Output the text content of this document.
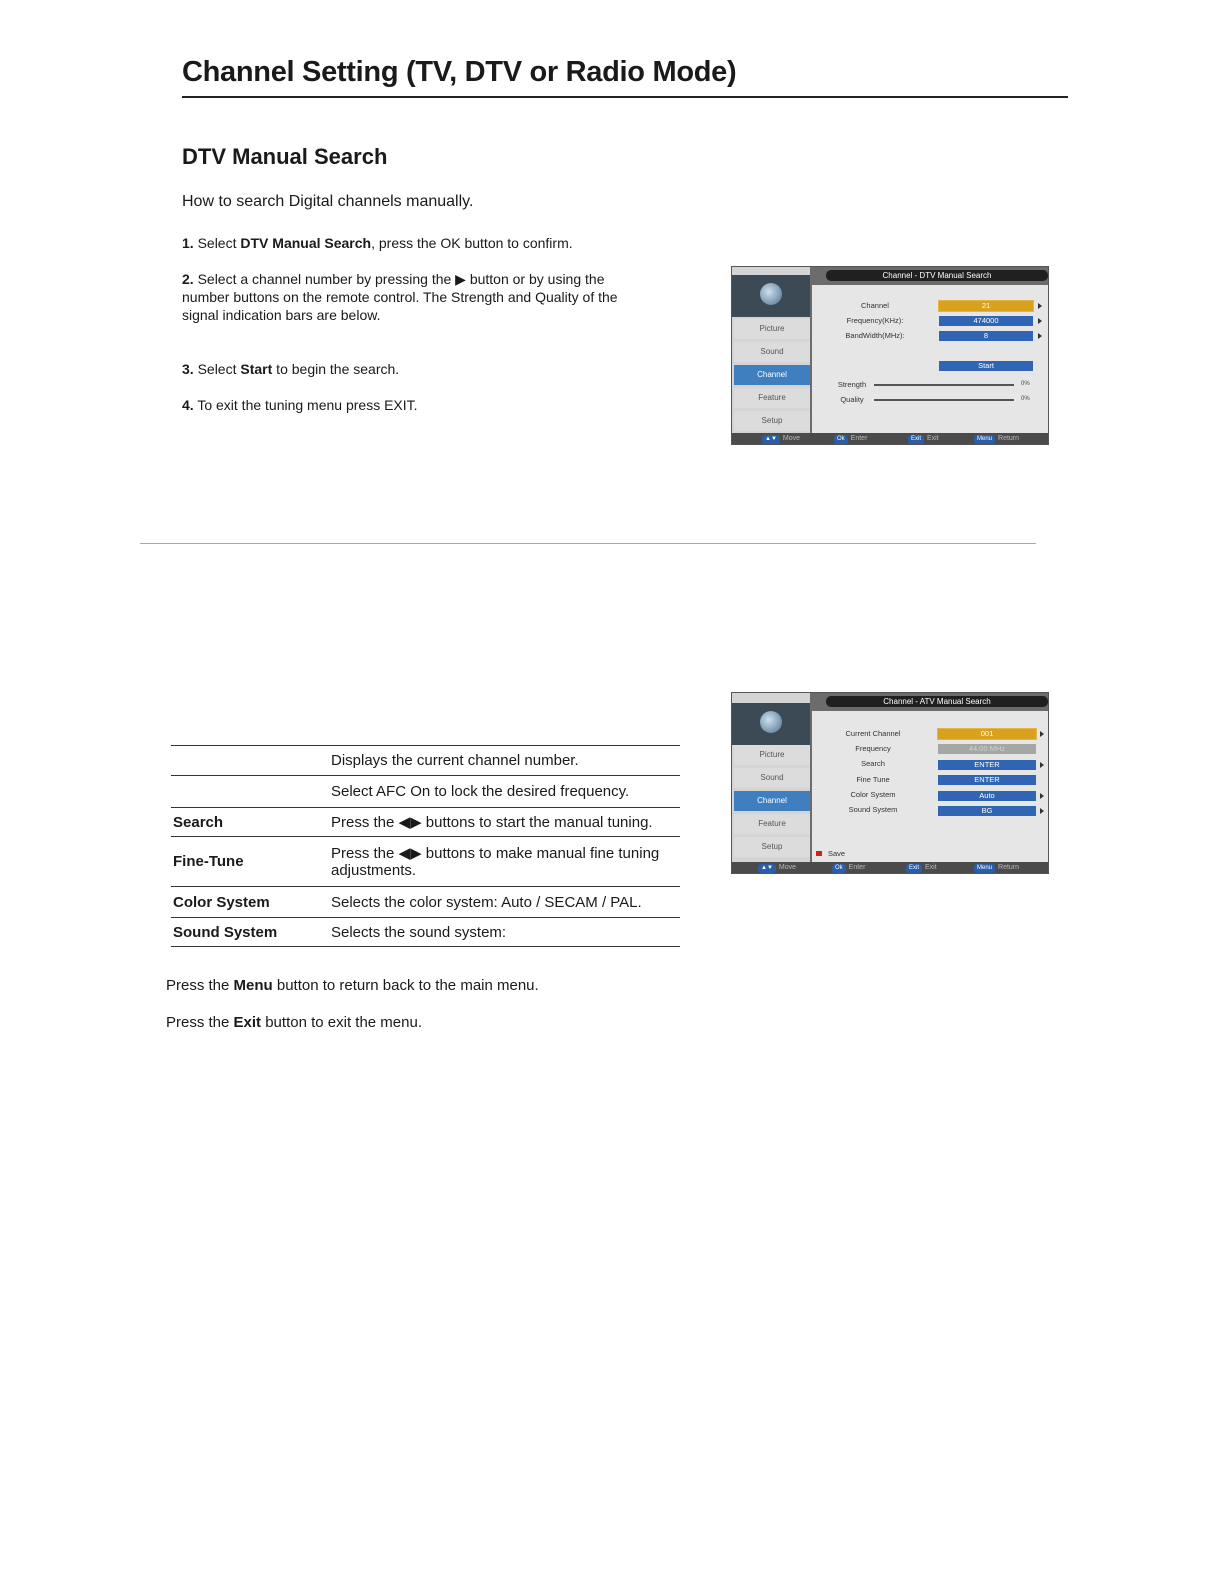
Channel Setting (TV, DTV or Radio Mode)
DTV Manual Search
How to search Digital channels manually.
1. Select DTV Manual Search, press the OK button to confirm.
2. Select a channel number by pressing the ▶ button or by using the number buttons on the remote control. The Strength and Quality of the signal indication bars are below.
3. Select Start to begin the search.
4. To exit the tuning menu press EXIT.
Picture
Sound
Channel
Feature
Setup
Channel - DTV Manual Search
Channel	21
Frequency(KHz):	474000
BandWidth(MHz):	8
Start
Strength	0%
Quality	0%
▲▼ Move	Ok Enter	Exit Exit	Menu Return
Picture
Sound
Channel
Feature
Setup
Channel - ATV Manual Search
Current Channel	001
Frequency	44.00 MHz
Search	ENTER
Fine Tune	ENTER
Color System	Auto
Sound System	BG
Save
▲▼ Move	Ok Enter	Exit Exit	Menu Return
	Displays the current channel number.
	Select AFC On to lock the desired frequency.
Search	Press the ◀▶ buttons to start the manual tuning.
Fine-Tune	Press the ◀▶ buttons to make manual fine tuning adjustments.
Color System	Selects the color system: Auto / SECAM / PAL.
Sound System	Selects the sound system:
Press the Menu button to return back to the main menu.
Press the Exit button to exit the menu.
